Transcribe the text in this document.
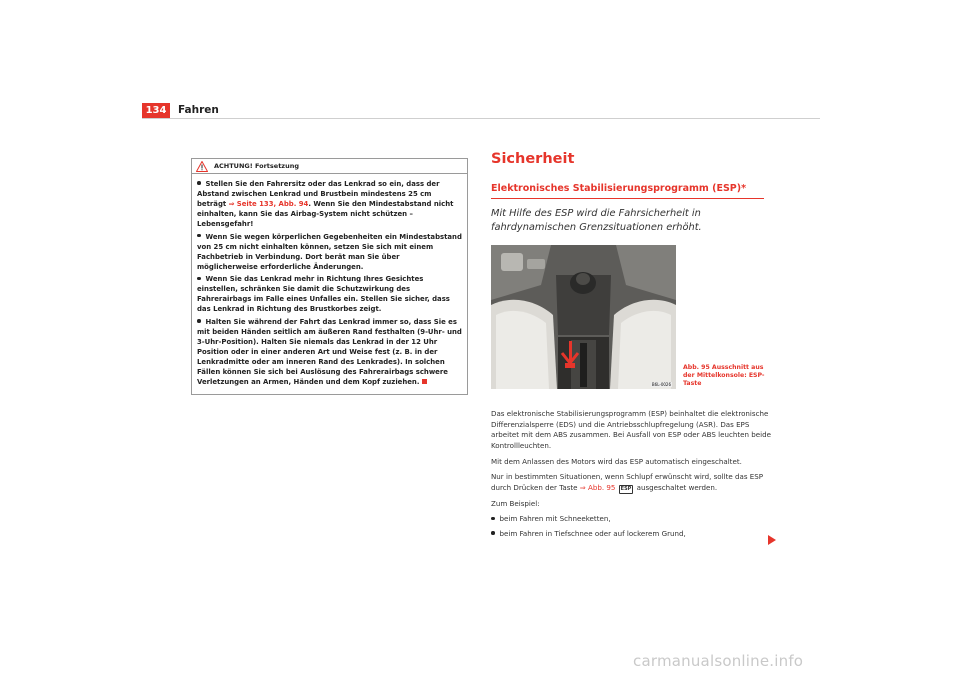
134	Fahren
ACHTUNG! Fortsetzung
Stellen Sie den Fahrersitz oder das Lenkrad so ein, dass der Abstand zwischen Lenkrad und Brustbein mindestens 25 cm beträgt ⇒ Seite 133, Abb. 94. Wenn Sie den Mindestabstand nicht einhalten, kann Sie das Airbag-System nicht schützen – Lebensgefahr!
Wenn Sie wegen körperlichen Gegebenheiten ein Mindestabstand von 25 cm nicht einhalten können, setzen Sie sich mit einem Fachbetrieb in Verbindung. Dort berät man Sie über möglicherweise erforderliche Änderungen.
Wenn Sie das Lenkrad mehr in Richtung Ihres Gesichtes einstellen, schränken Sie damit die Schutzwirkung des Fahrerairbags im Falle eines Unfalles ein. Stellen Sie sicher, dass das Lenkrad in Richtung des Brustkorbes zeigt.
Halten Sie während der Fahrt das Lenkrad immer so, dass Sie es mit beiden Händen seitlich am äußeren Rand festhalten (9-Uhr- und 3-Uhr-Position). Halten Sie niemals das Lenkrad in der 12 Uhr Position oder in einer anderen Art und Weise fest (z. B. in der Lenkradmitte oder am inneren Rand des Lenkrades). In solchen Fällen können Sie sich bei Auslösung des Fahrerairbags schwere Verletzungen an Armen, Händen und dem Kopf zuziehen.
Sicherheit
Elektronisches Stabilisierungsprogramm (ESP)*
Mit Hilfe des ESP wird die Fahrsicherheit in fahrdynamischen Grenzsituationen erhöht.
B6L-0026
Abb. 95 Ausschnitt aus der Mittelkonsole: ESP-Taste

Das elektronische Stabilisierungsprogramm (ESP) beinhaltet die elektronische Differenzialsperre (EDS) und die Antriebsschlupfregelung (ASR). Das EPS arbeitet mit dem ABS zusammen. Bei Ausfall von ESP oder ABS leuchten beide Kontrollleuchten.

Mit dem Anlassen des Motors wird das ESP automatisch eingeschaltet.

Nur in bestimmten Situationen, wenn Schlupf erwünscht wird, sollte das ESP durch Drücken der Taste ⇒ Abb. 95 ESP ausgeschaltet werden.

Zum Beispiel:

beim Fahren mit Schneeketten,
beim Fahren in Tiefschnee oder auf lockerem Grund,
carmanualsonline.info
